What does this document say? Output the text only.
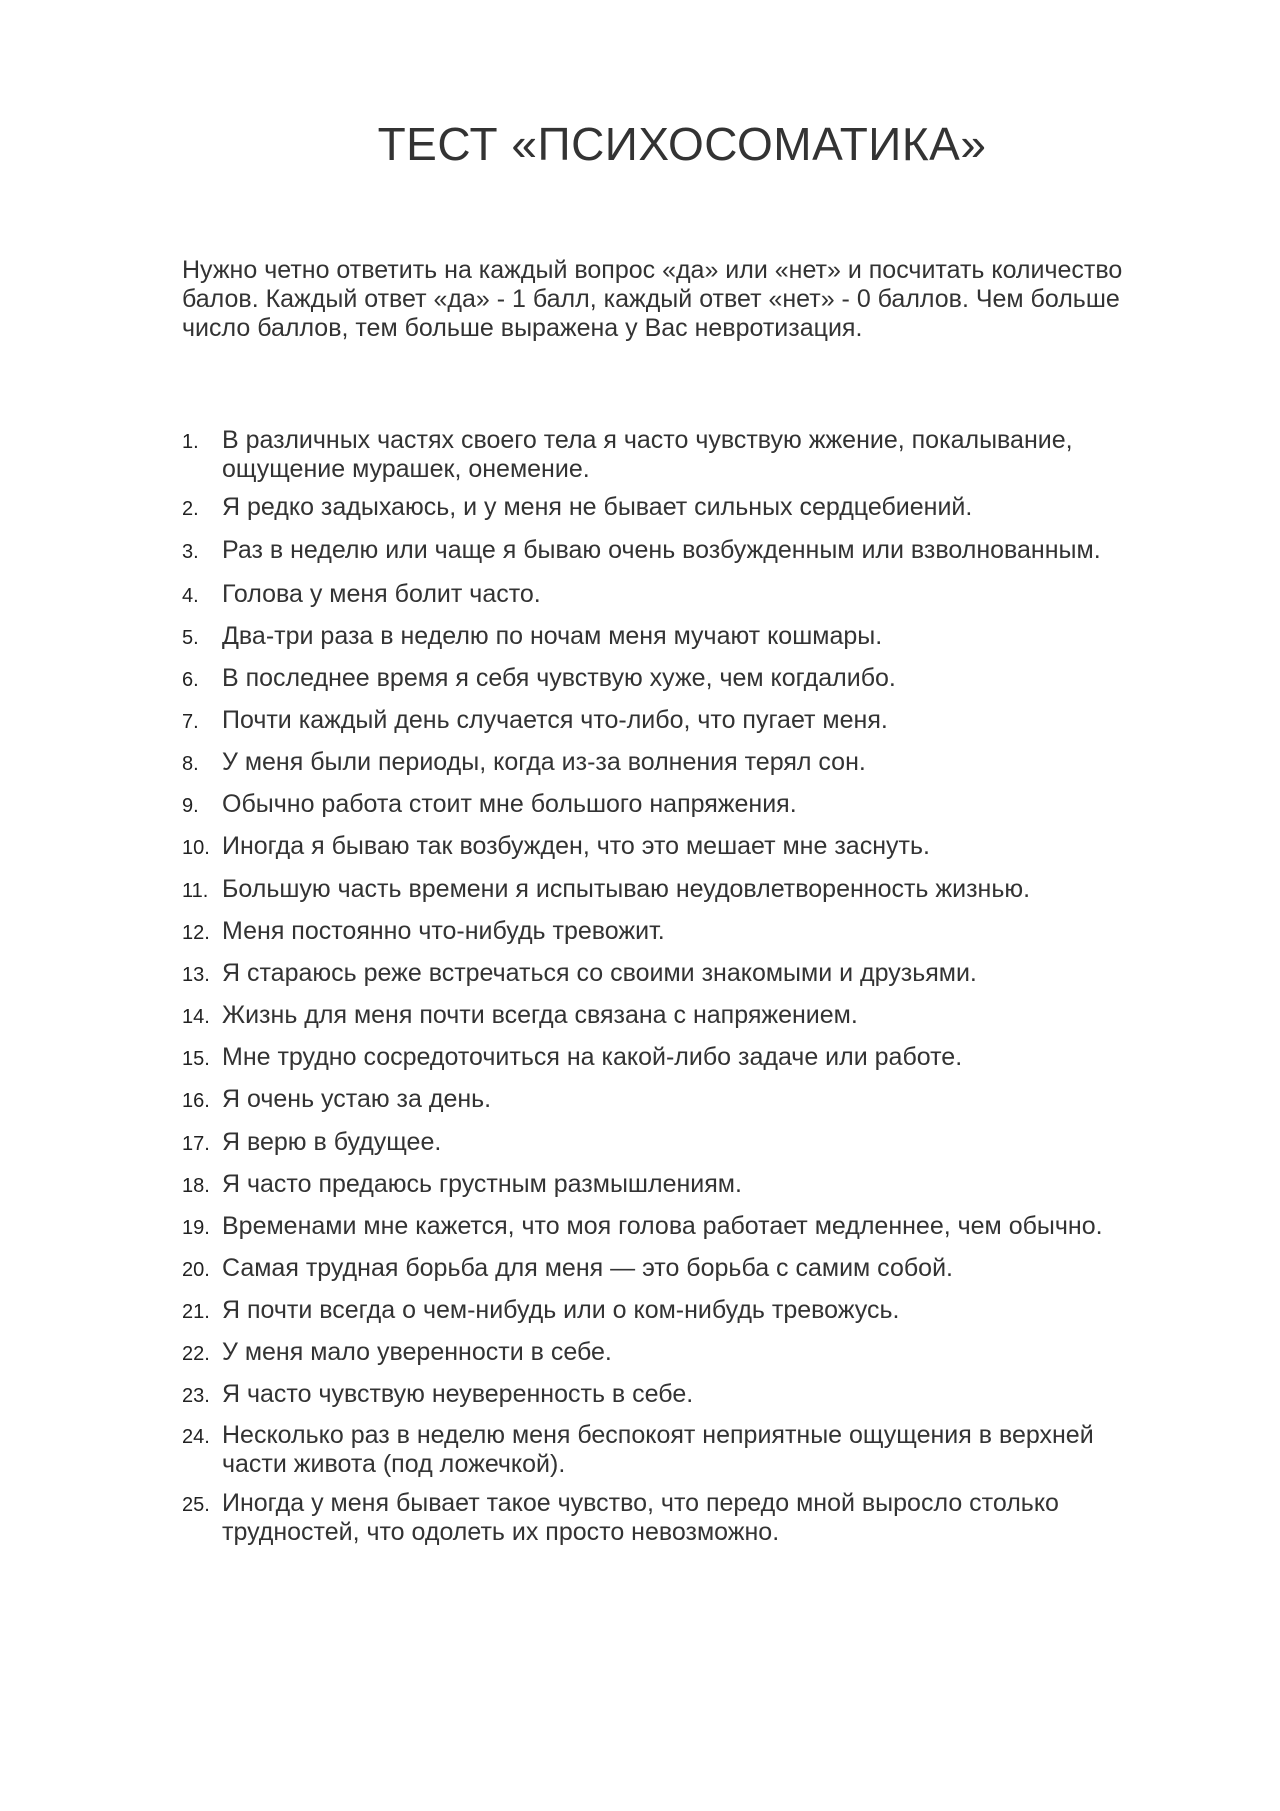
ТЕСТ «ПСИХОСОМАТИКА»

Нужно четно ответить на каждый вопрос «да» или «нет» и посчитать количество балов. Каждый ответ «да» - 1 балл, каждый ответ «нет» - 0 баллов. Чем больше число баллов, тем больше выражена у Вас невротизация.

1. В различных частях своего тела я часто чувствую жжение, покалывание, ощущение мурашек, онемение.
2. Я редко задыхаюсь, и у меня не бывает сильных сердцебиений.
3. Раз в неделю или чаще я бываю очень возбужденным или взволнованным.
4. Голова у меня болит часто.
5. Два-три раза в неделю по ночам меня мучают кошмары.
6. В последнее время я себя чувствую хуже, чем когдалибо.
7. Почти каждый день случается что-либо, что пугает меня.
8. У меня были периоды, когда из-за волнения терял сон.
9. Обычно работа стоит мне большого напряжения.
10. Иногда я бываю так возбужден, что это мешает мне заснуть.
11. Большую часть времени я испытываю неудовлетворенность жизнью.
12. Меня постоянно что-нибудь тревожит.
13. Я стараюсь реже встречаться со своими знакомыми и друзьями.
14. Жизнь для меня почти всегда связана с напряжением.
15. Мне трудно сосредоточиться на какой-либо задаче или работе.
16. Я очень устаю за день.
17. Я верю в будущее.
18. Я часто предаюсь грустным размышлениям.
19. Временами мне кажется, что моя голова работает медленнее, чем обычно.
20. Самая трудная борьба для меня — это борьба с самим собой.
21. Я почти всегда о чем-нибудь или о ком-нибудь тревожусь.
22. У меня мало уверенности в себе.
23. Я часто чувствую неуверенность в себе.
24. Несколько раз в неделю меня беспокоят неприятные ощущения в верхней части живота (под ложечкой).
25. Иногда у меня бывает такое чувство, что передо мной выросло столько трудностей, что одолеть их просто невозможно.
